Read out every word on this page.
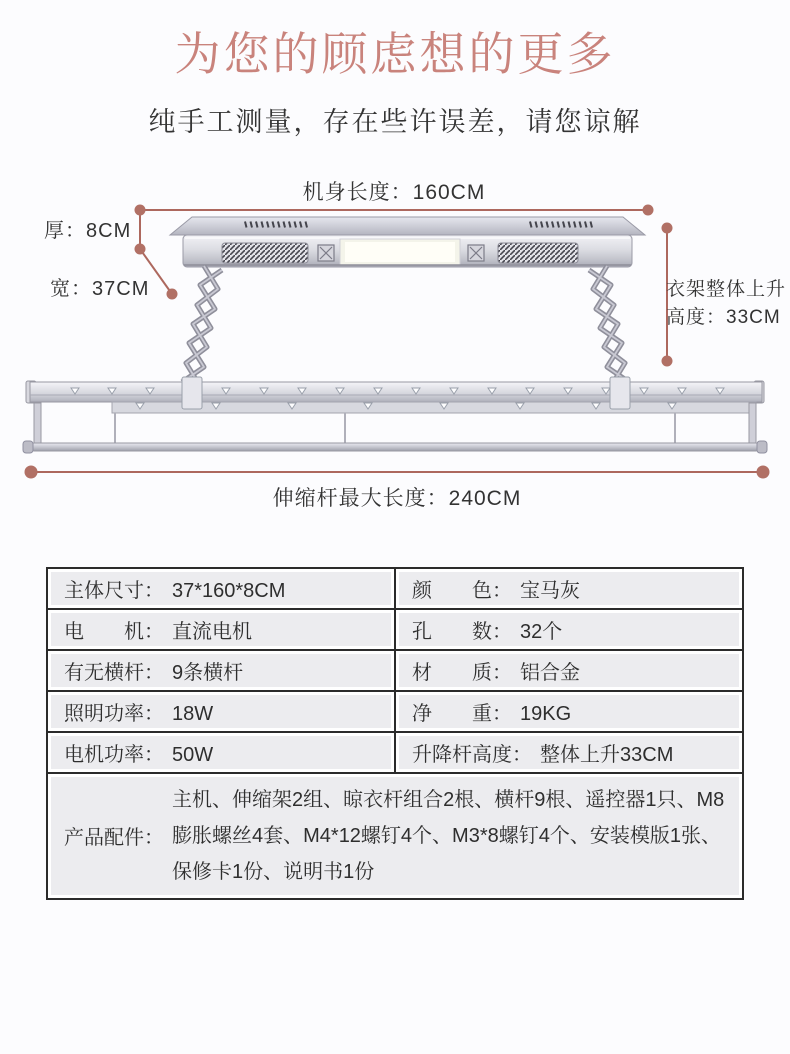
为您的顾虑想的更多
纯手工测量，存在些许误差，请您谅解
机身长度：160CM
厚：8CM
宽：37CM	衣架整体上升
高度：33CM
伸缩杆最大长度：240CM
主体尺寸： 37*160*8CM	颜　　色： 宝马灰
电　　机： 直流电机	孔　　数： 32个
有无横杆： 9条横杆	材　　质： 铝合金
照明功率： 18W	净　　重： 19KG
电机功率： 50W	升降杆高度： 整体上升33CM

产品配件：
主机、伸缩架2组、晾衣杆组合2根、横杆9根、遥控器1只、M8膨胀螺丝4套、M4*12螺钉4个、M3*8螺钉4个、安装模版1张、保修卡1份、说明书1份	
